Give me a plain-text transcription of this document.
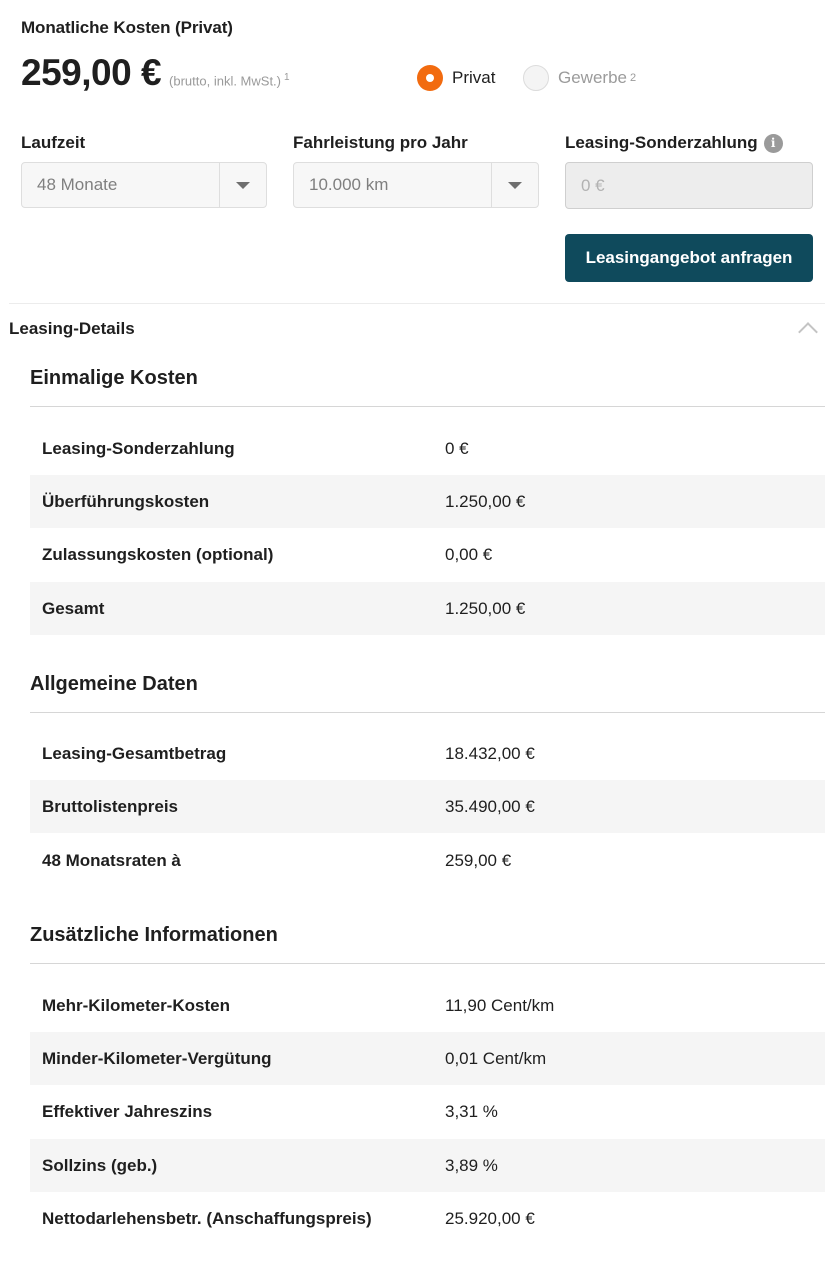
Monatliche Kosten (Privat)
259,00 € (brutto, inkl. MwSt.) $^1$	Privat	Gewerbe 2
Laufzeit
48 Monate
Fahrleistung pro Jahr
10.000 km
Leasing-Sonderzahlung	i
0 €
Leasingangebot anfragen
Leasing-Details
Einmalige Kosten
Leasing-Sonderzahlung	0 €
Überführungskosten	1.250,00 €
Zulassungskosten (optional)	0,00 €
Gesamt	1.250,00 €
Allgemeine Daten
Leasing-Gesamtbetrag	18.432,00 €
Bruttolistenpreis	35.490,00 €
48 Monatsraten à	259,00 €
Zusätzliche Informationen
Mehr-Kilometer-Kosten	11,90 Cent/km
Minder-Kilometer-Vergütung	0,01 Cent/km
Effektiver Jahreszins	3,31 %
Sollzins (geb.)	3,89 %
Nettodarlehensbetr. (Anschaffungspreis)	25.920,00 €
